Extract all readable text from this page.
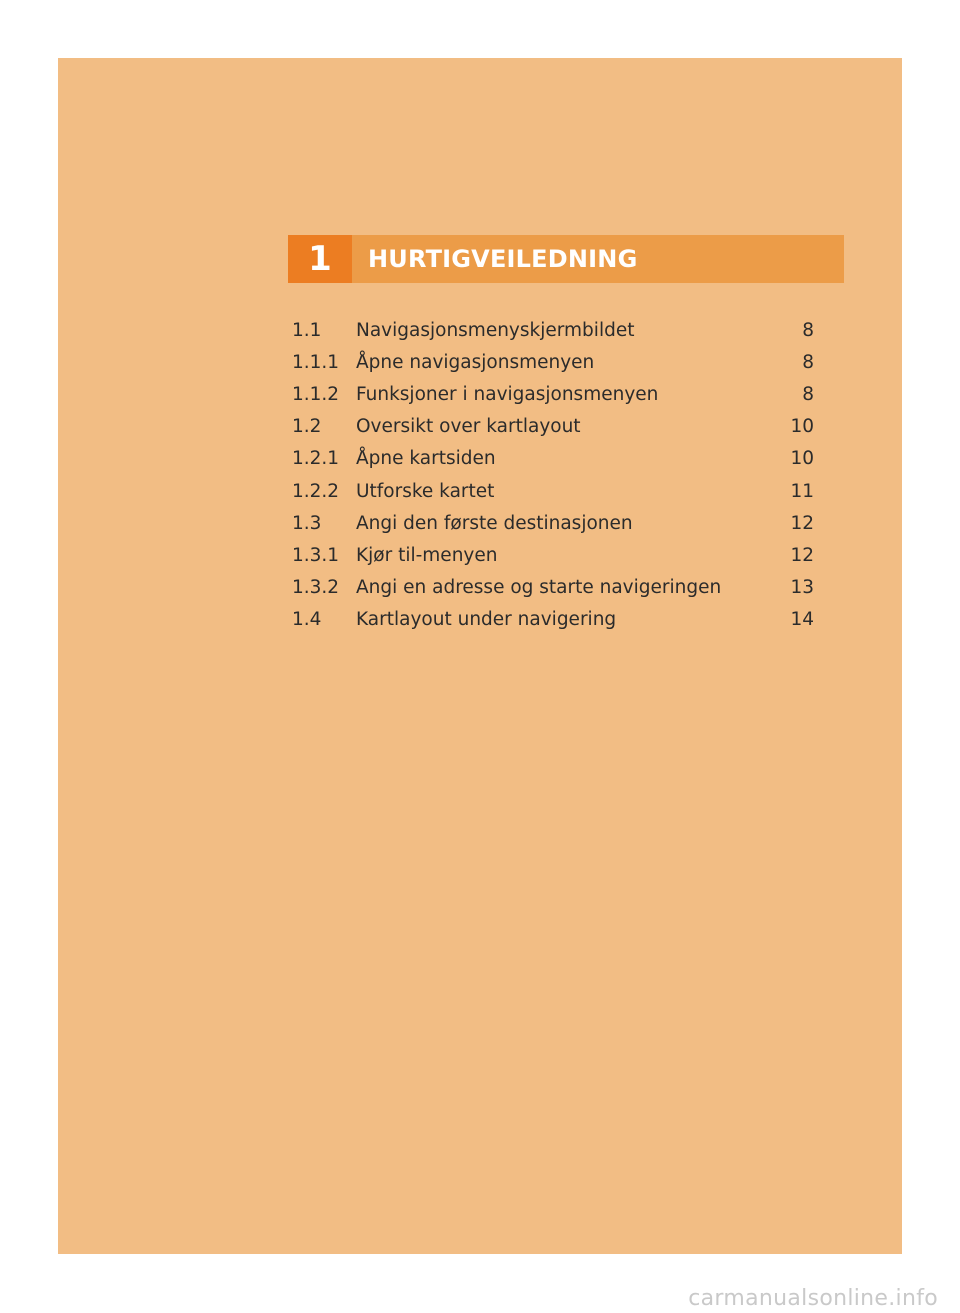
1	HURTIGVEILEDNING
1.1	Navigasjonsmenyskjermbildet	8
1.1.1 Åpne navigasjonsmenyen	8
1.1.2 Funksjoner i navigasjonsmenyen	8
1.2	Oversikt over kartlayout	10
1.2.1 Åpne kartsiden	10
1.2.2 Utforske kartet	11
1.3	Angi den første destinasjonen	12
1.3.1 Kjør til-menyen	12
1.3.2 Angi en adresse og starte navigeringen	13
1.4	Kartlayout under navigering	14
carmanualsonline.info
